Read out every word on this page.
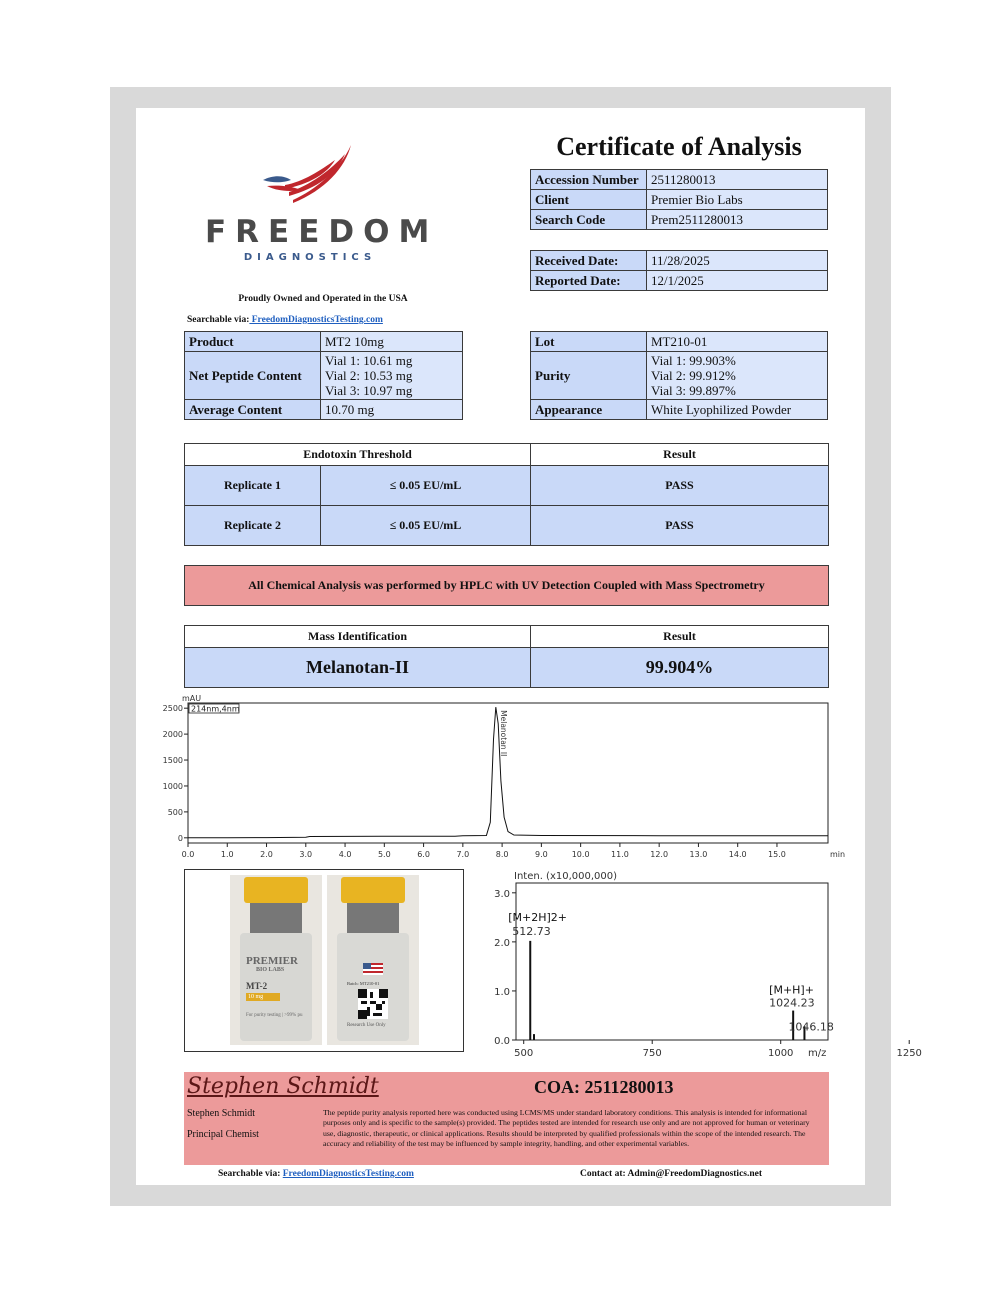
FREEDOM
DIAGNOSTICS
Proudly Owned and Operated in the USA
Searchable via: FreedomDiagnosticsTesting.com
Certificate of Analysis
Accession Number	2511280013
Client	Premier Bio Labs
Search Code	Prem2511280013
Received Date:	11/28/2025
Reported Date:	12/1/2025
Product	MT2 10mg
Net Peptide Content	Vial 1: 10.61 mg
Vial 2: 10.53 mg
Vial 3: 10.97 mg

Average Content	10.70 mg
Lot	MT210-01
Purity	Vial 1: 99.903%
Vial 2: 99.912%
Vial 3: 99.897%

Appearance	White Lyophilized Powder
Endotoxin Threshold		Result
Replicate 1	≤ 0.05 EU/mL	PASS
Replicate 2	≤ 0.05 EU/mL	PASS
All Chemical Analysis was performed by HPLC with UV Detection Coupled with Mass Spectrometry
Mass Identification	Result
Melanotan-II	99.904%
0
500
1000
1500
2000
2500
0.0	1.0	2.0	3.0	4.0	5.0	6.0	7.0	8.0	9.0	10.0	11.0	12.0	13.0	14.0	15.0	min
mAU
214nm,4nm
Melanotan II
PREMIER
BIO LABS
MT-2
10 mg
For purity testing | >99% pu
Batch: MT210-01
Research Use Only
0.0
1.0
2.0
3.0
500	750	1000	1250
m/z
Inten. (x10,000,000)
[M+2H]2+
512.73
[M+H]+
1024.23
1046.18
Stephen Schmidt	COA: 2511280013
Stephen Schmidt
Principal Chemist
The peptide purity analysis reported here was conducted using LCMS/MS under standard laboratory conditions. This analysis is intended for informational purposes only and is specific to the sample(s) provided. The peptides tested are intended for research use only and are not approved for human or veterinary use, diagnostic, therapeutic, or clinical applications. Results should be interpreted by qualified professionals within the scope of the intended research. The accuracy and reliability of the test may be influenced by sample integrity, handling, and other experimental variables.
Searchable via: FreedomDiagnosticsTesting.com	Contact at: Admin@FreedomDiagnostics.net
